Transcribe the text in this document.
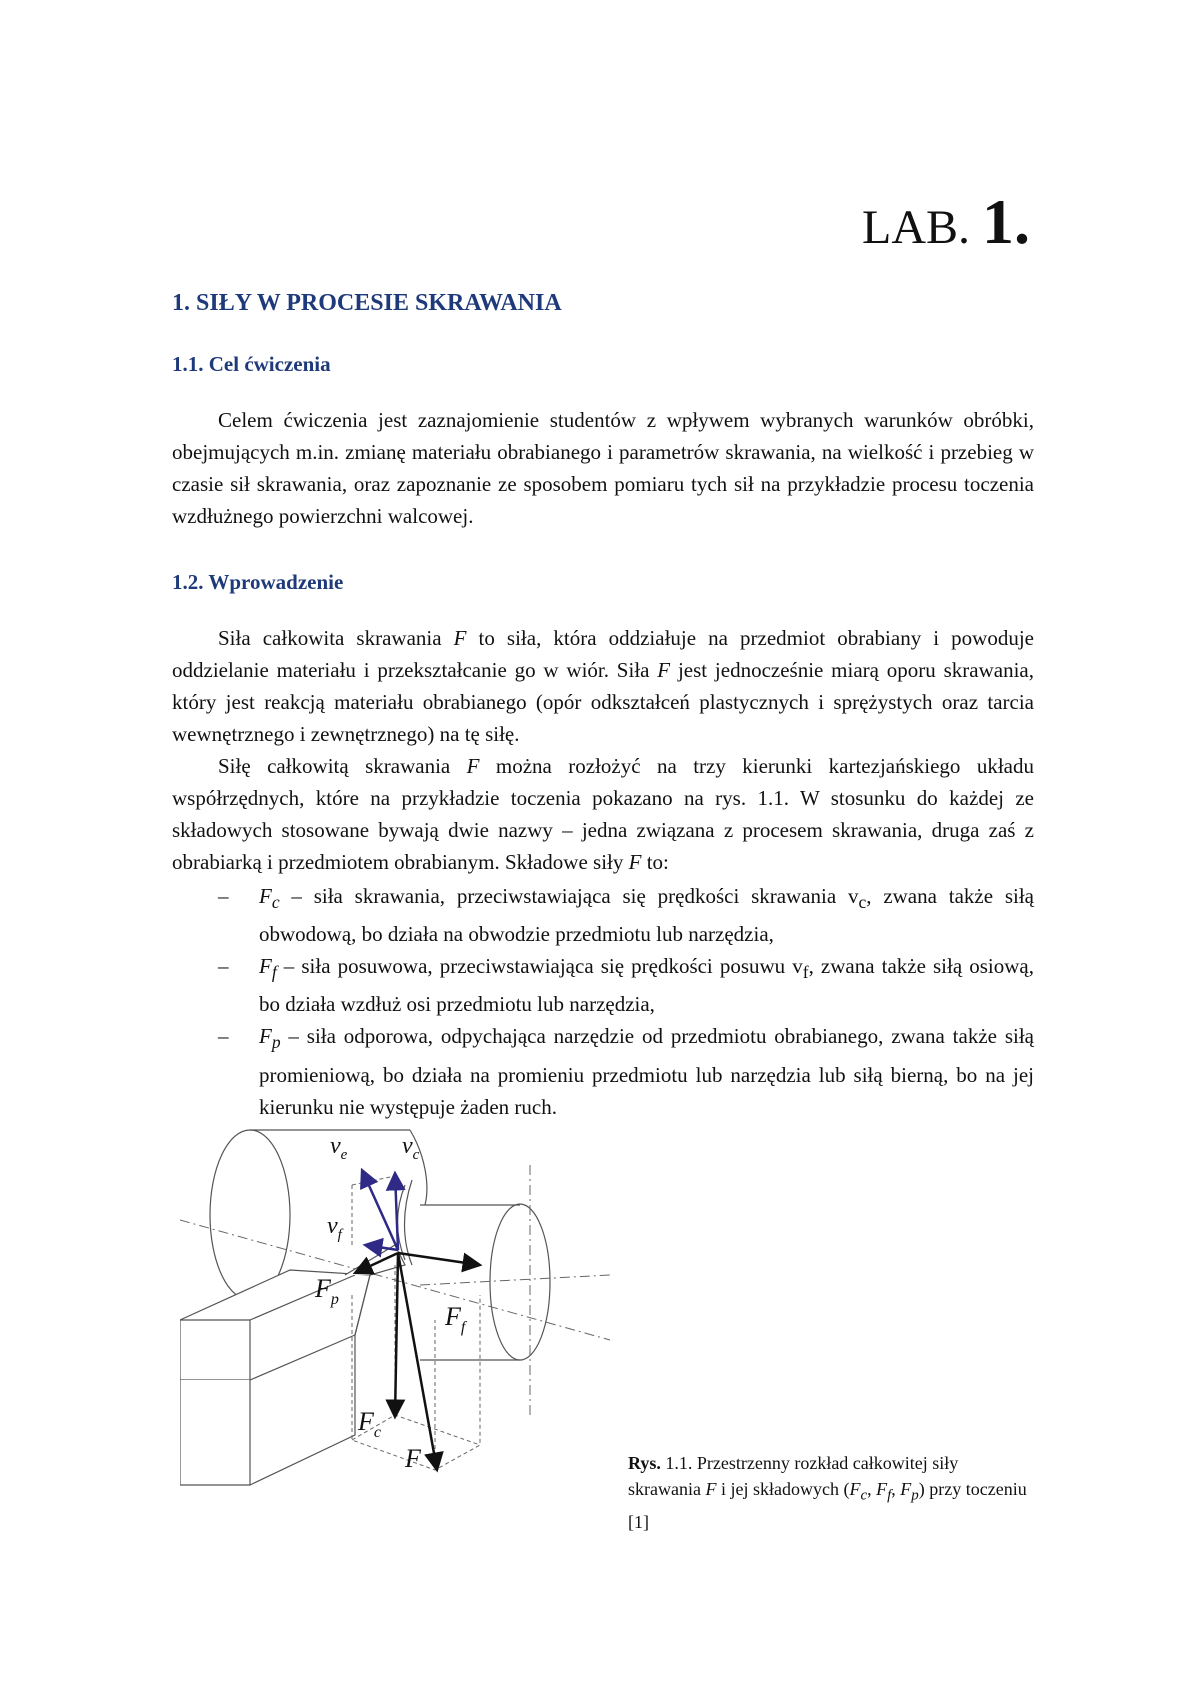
LAB. 1.
1. SIŁY W PROCESIE SKRAWANIA
1.1. Cel ćwiczenia

Celem ćwiczenia jest zaznajomienie studentów z wpływem wybranych warunków obróbki, obejmujących m.in. zmianę materiału obrabianego i parametrów skrawania, na wielkość i przebieg w czasie sił skrawania, oraz zapoznanie ze sposobem pomiaru tych sił na przykładzie procesu toczenia wzdłużnego powierzchni walcowej.

1.2. Wprowadzenie

Siła całkowita skrawania F to siła, która oddziałuje na przedmiot obrabiany i powoduje oddzielanie materiału i przekształcanie go w wiór. Siła F jest jednocześnie miarą oporu skrawania, który jest reakcją materiału obrabianego (opór odkształceń plastycznych i sprężystych oraz tarcia wewnętrznego i zewnętrznego) na tę siłę.

Siłę całkowitą skrawania F można rozłożyć na trzy kierunki kartezjańskiego układu współrzędnych, które na przykładzie toczenia pokazano na rys. 1.1. W stosunku do każdej ze składowych stosowane bywają dwie nazwy – jedna związana z procesem skrawania, druga zaś z obrabiarką i przedmiotem obrabianym. Składowe siły F to:

– $F_c$ – siła skrawania, przeciwstawiająca się prędkości skrawania $v_c$, zwana także siłą obwodową, bo działa na obwodzie przedmiotu lub narzędzia,
– $F_f$ – siła posuwowa, przeciwstawiająca się prędkości posuwu $v_f$, zwana także siłą osiową, bo działa wzdłuż osi przedmiotu lub narzędzia,
– $F_p$ – siła odporowa, odpychająca narzędzie od przedmiotu obrabianego, zwana także siłą promieniową, bo działa na promieniu przedmiotu lub narzędzia lub siłą bierną, bo na jej kierunku nie występuje żaden ruch.
$v_e$ $v_c$
$v_f$
$F_p$
$F_f$
$F_c$
F	Rys. 1.1. Przestrzenny rozkład całkowitej siły skrawania F i jej składowych ($F_c$, $F_f$, $F_p$) przy toczeniu [1]
